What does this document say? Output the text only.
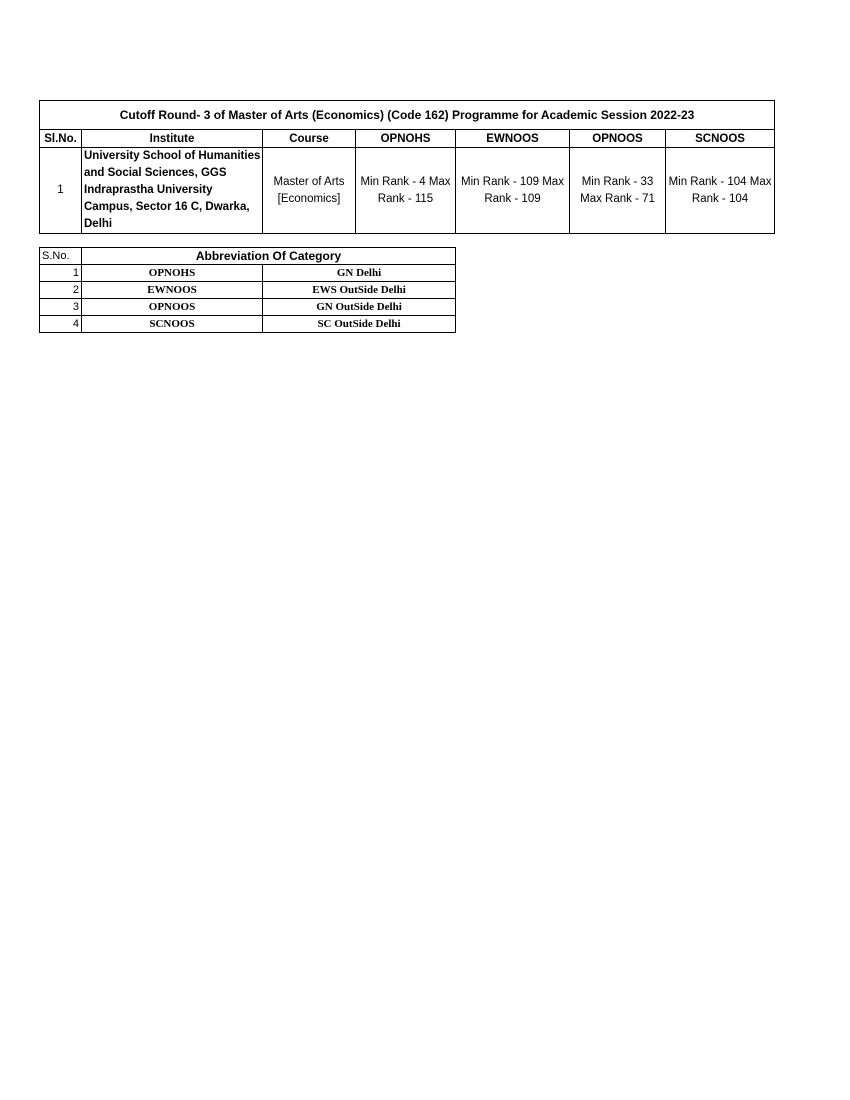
Cutoff Round- 3 of Master of Arts (Economics) (Code 162) Programme for Academic Session 2022-23						
Sl.No.	Institute	Course	OPNOHS	EWNOOS	OPNOOS	SCNOOS
1	University School of Humanities and Social Sciences, GGS Indraprastha University Campus, Sector 16 C, Dwarka, Delhi	Master of Arts [Economics]	Min Rank - 4 Max Rank - 115	Min Rank - 109 Max Rank - 109	Min Rank - 33 Max Rank - 71	Min Rank - 104 Max Rank - 104
S.No.	Abbreviation Of Category	
1	OPNOHS	GN Delhi
2	EWNOOS	EWS OutSide Delhi
3	OPNOOS	GN OutSide Delhi
4	SCNOOS	SC OutSide Delhi
